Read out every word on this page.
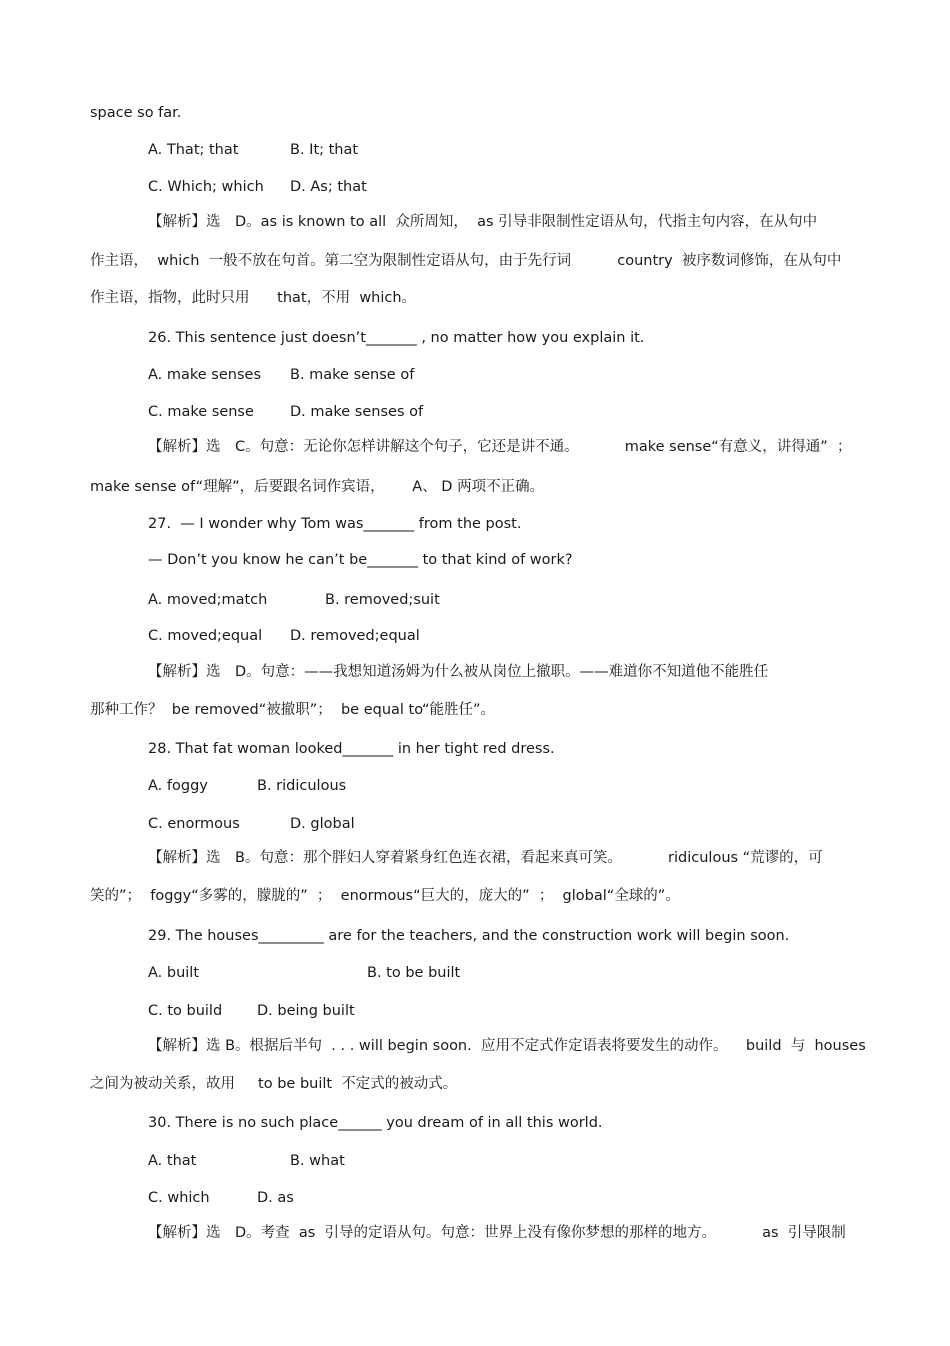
space so far.
A. That; that	B. It; that
C. Which; which D. As; that
【解析】选　D。as is known to all  众所周知，  as 引导非限制性定语从句，代指主句内容，在从句中
作主语，  which  一般不放在句首。第二空为限制性定语从句，由于先行词          country  被序数词修饰，在从句中
作主语，指物，此时只用      that，不用  which。
26. This sentence just doesn’t_______ , no matter how you explain it.
A. make senses B. make sense of
C. make sense D. make senses of
【解析】选　C。句意：无论你怎样讲解这个句子，它还是讲不通。          make sense“有意义，讲得通”  ；
make sense of“理解”，后要跟名词作宾语，      A、 D 两项不正确。
27.  — I wonder why Tom was_______ from the post.
— Don’t you know he can’t be_______ to that kind of work?
A. moved;match	B. removed;suit
C. moved;equal D. removed;equal
【解析】选　D。句意：——我想知道汤姆为什么被从岗位上撤职。——难道你不知道他不能胜任
那种工作？  be removed“被撤职”；  be equal to“能胜任”。
28. That fat woman looked_______ in her tight red dress.
A. foggy	B. ridiculous
C. enormous	D. global
【解析】选　B。句意：那个胖妇人穿着紧身红色连衣裙，看起来真可笑。          ridiculous “荒谬的，可
笑的”；  foggy“多雾的，朦胧的”  ；  enormous“巨大的，庞大的”  ；  global“全球的”。
29. The houses_________ are for the teachers, and the construction work will begin soon.
A. built	B. to be built
C. to build D. being built
【解析】选 B。根据后半句  . . . will begin soon.  应用不定式作定语表将要发生的动作。    build  与  houses
之间为被动关系，故用     to be built  不定式的被动式。
30. There is no such place______ you dream of in all this world.
A. that	B. what
C. which	D. as
【解析】选　D。考查  as  引导的定语从句。句意：世界上没有像你梦想的那样的地方。          as  引导限制
